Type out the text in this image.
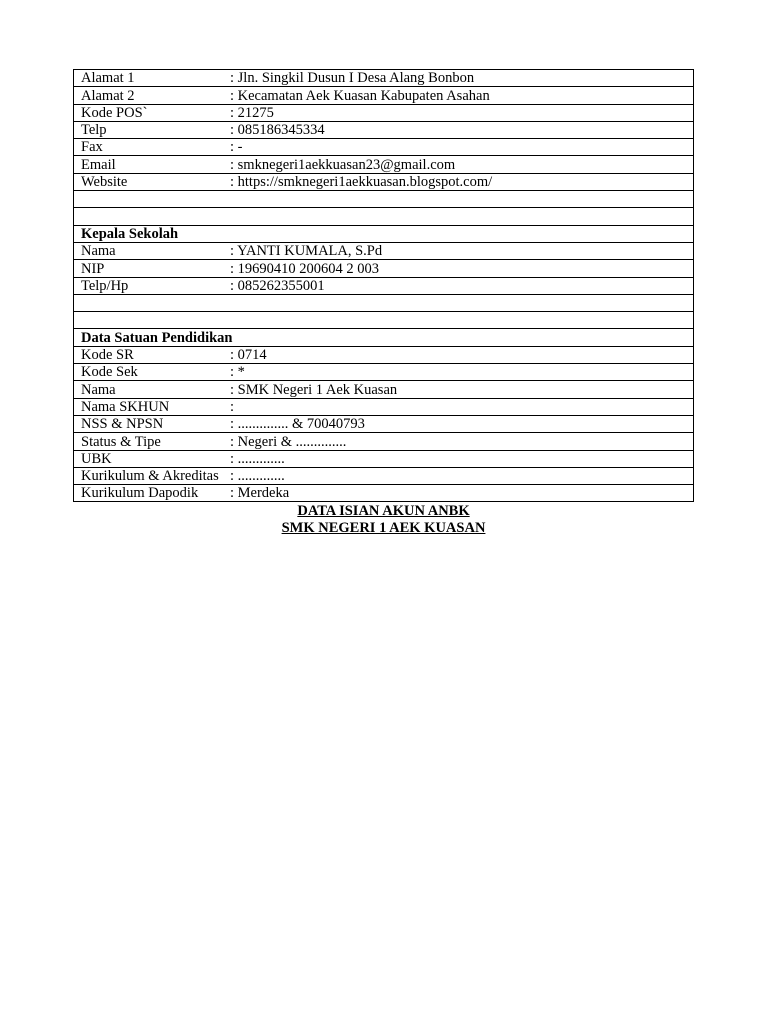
Alamat 1	: Jln. Singkil Dusun I Desa Alang Bonbon
Alamat 2	: Kecamatan Aek Kuasan Kabupaten Asahan
Kode POS`	: 21275
Telp	: 085186345334
Fax	: -
Email	: smknegeri1aekkuasan23@gmail.com
Website	: https://smknegeri1aekkuasan.blogspot.com/

Kepala Sekolah	
Nama	: YANTI KUMALA, S.Pd
NIP	: 19690410 200604 2 003
Telp/Hp	: 085262355001

Data Satuan Pendidikan	
Kode SR	: 0714
Kode Sek	: *
Nama	: SMK Negeri 1 Aek Kuasan
Nama SKHUN	:
NSS & NPSN	: .............. & 70040793
Status & Tipe	: Negeri & ..............
UBK	: .............
Kurikulum & Akreditas	: .............
Kurikulum Dapodik	: Merdeka
DATA ISIAN AKUN ANBK
SMK NEGERI 1 AEK KUASAN
